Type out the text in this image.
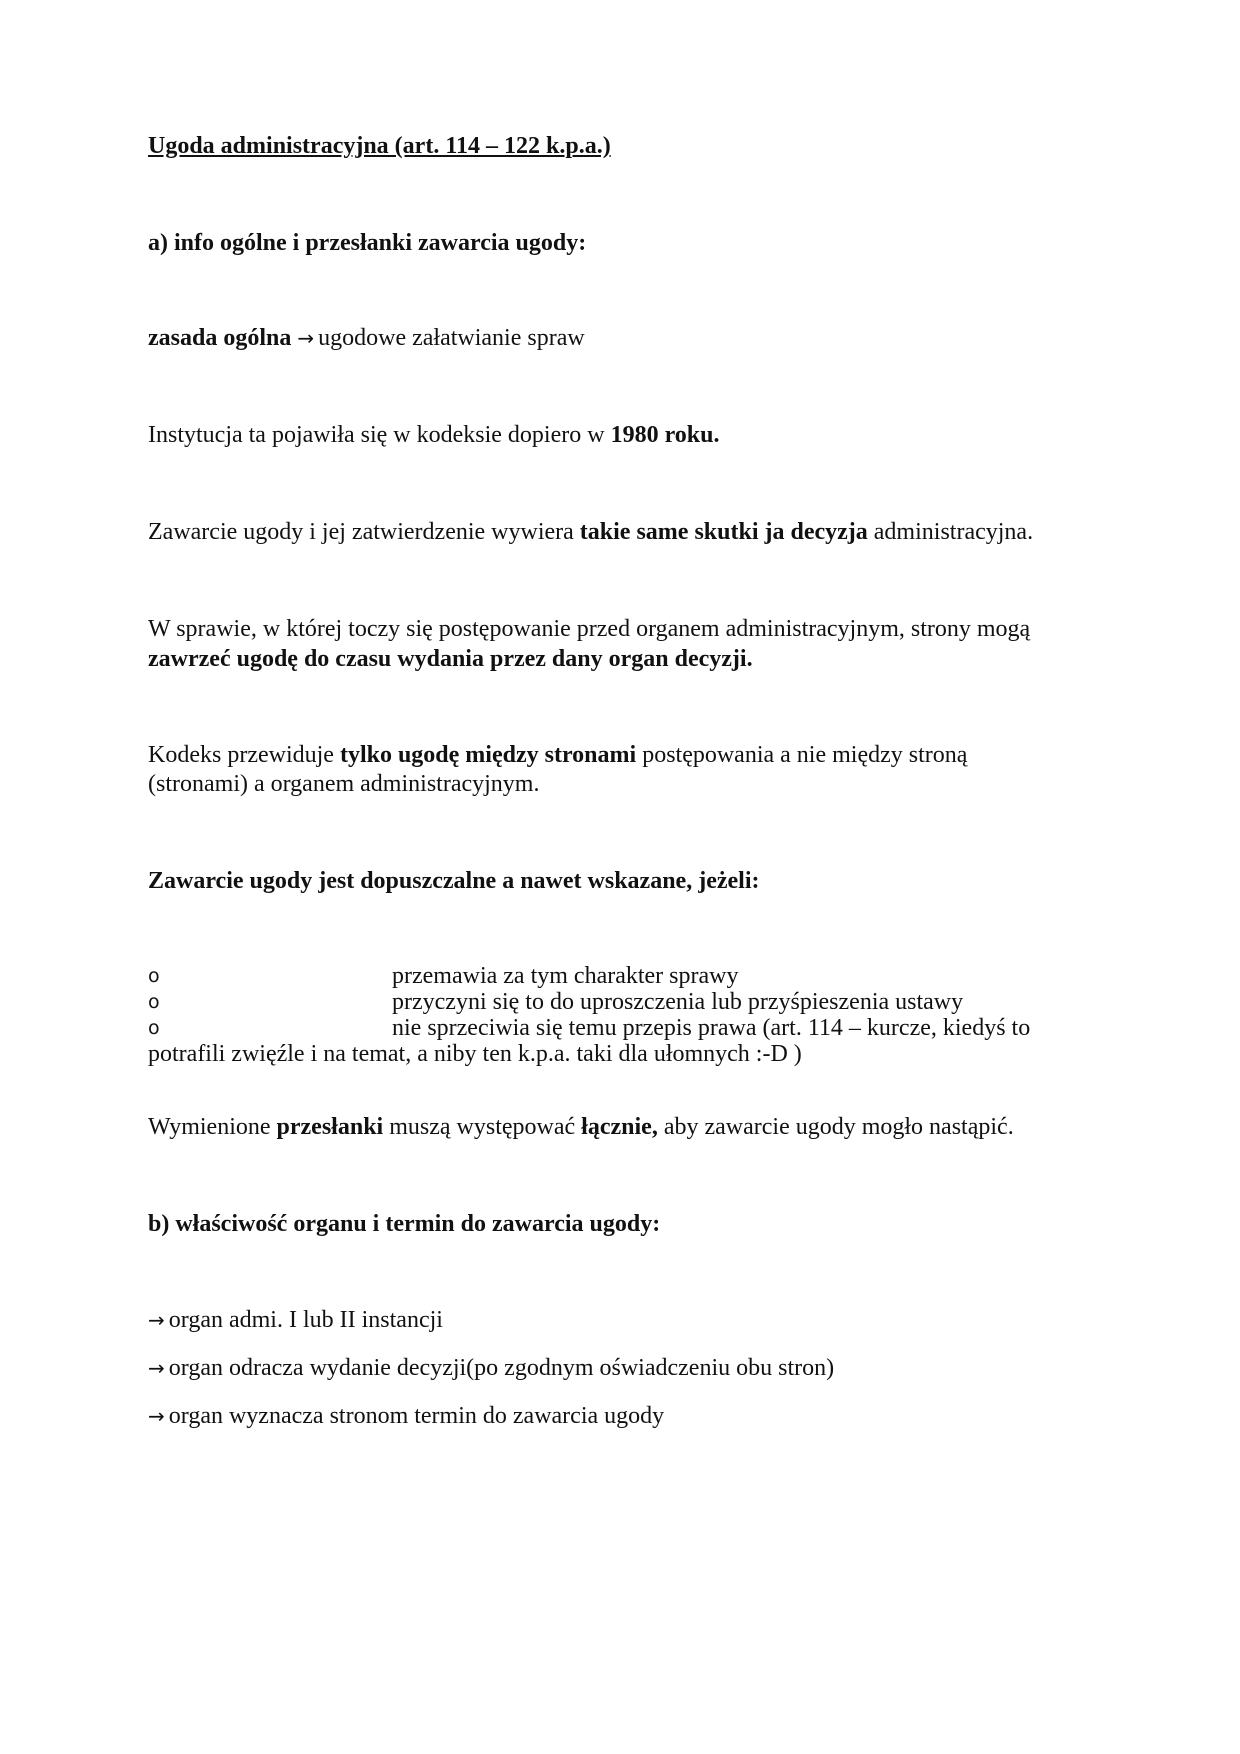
Ugoda administracyjna (art. 114 – 122 k.p.a.)
a) info ogólne i przesłanki zawarcia ugody:
zasada ogólna → ugodowe załatwianie spraw
Instytucja ta pojawiła się w kodeksie dopiero w 1980 roku.
Zawarcie ugody i jej zatwierdzenie wywiera takie same skutki ja decyzja administracyjna.
W sprawie, w której toczy się postępowanie przed organem administracyjnym, strony mogą
zawrzeć ugodę do czasu wydania przez dany organ decyzji.
Kodeks przewiduje tylko ugodę między stronami postępowania a nie między stroną
(stronami) a organem administracyjnym.
Zawarcie ugody jest dopuszczalne a nawet wskazane, jeżeli:
o	przemawia za tym charakter sprawy
o	przyczyni się to do uproszczenia lub przyśpieszenia ustawy
o	nie sprzeciwia się temu przepis prawa (art. 114 – kurcze, kiedyś to
potrafili zwięźle i na temat, a niby ten k.p.a. taki dla ułomnych :-D )
Wymienione przesłanki muszą występować łącznie, aby zawarcie ugody mogło nastąpić.
b) właściwość organu i termin do zawarcia ugody:
→ organ admi. I lub II instancji
→ organ odracza wydanie decyzji(po zgodnym oświadczeniu obu stron)
→ organ wyznacza stronom termin do zawarcia ugody
